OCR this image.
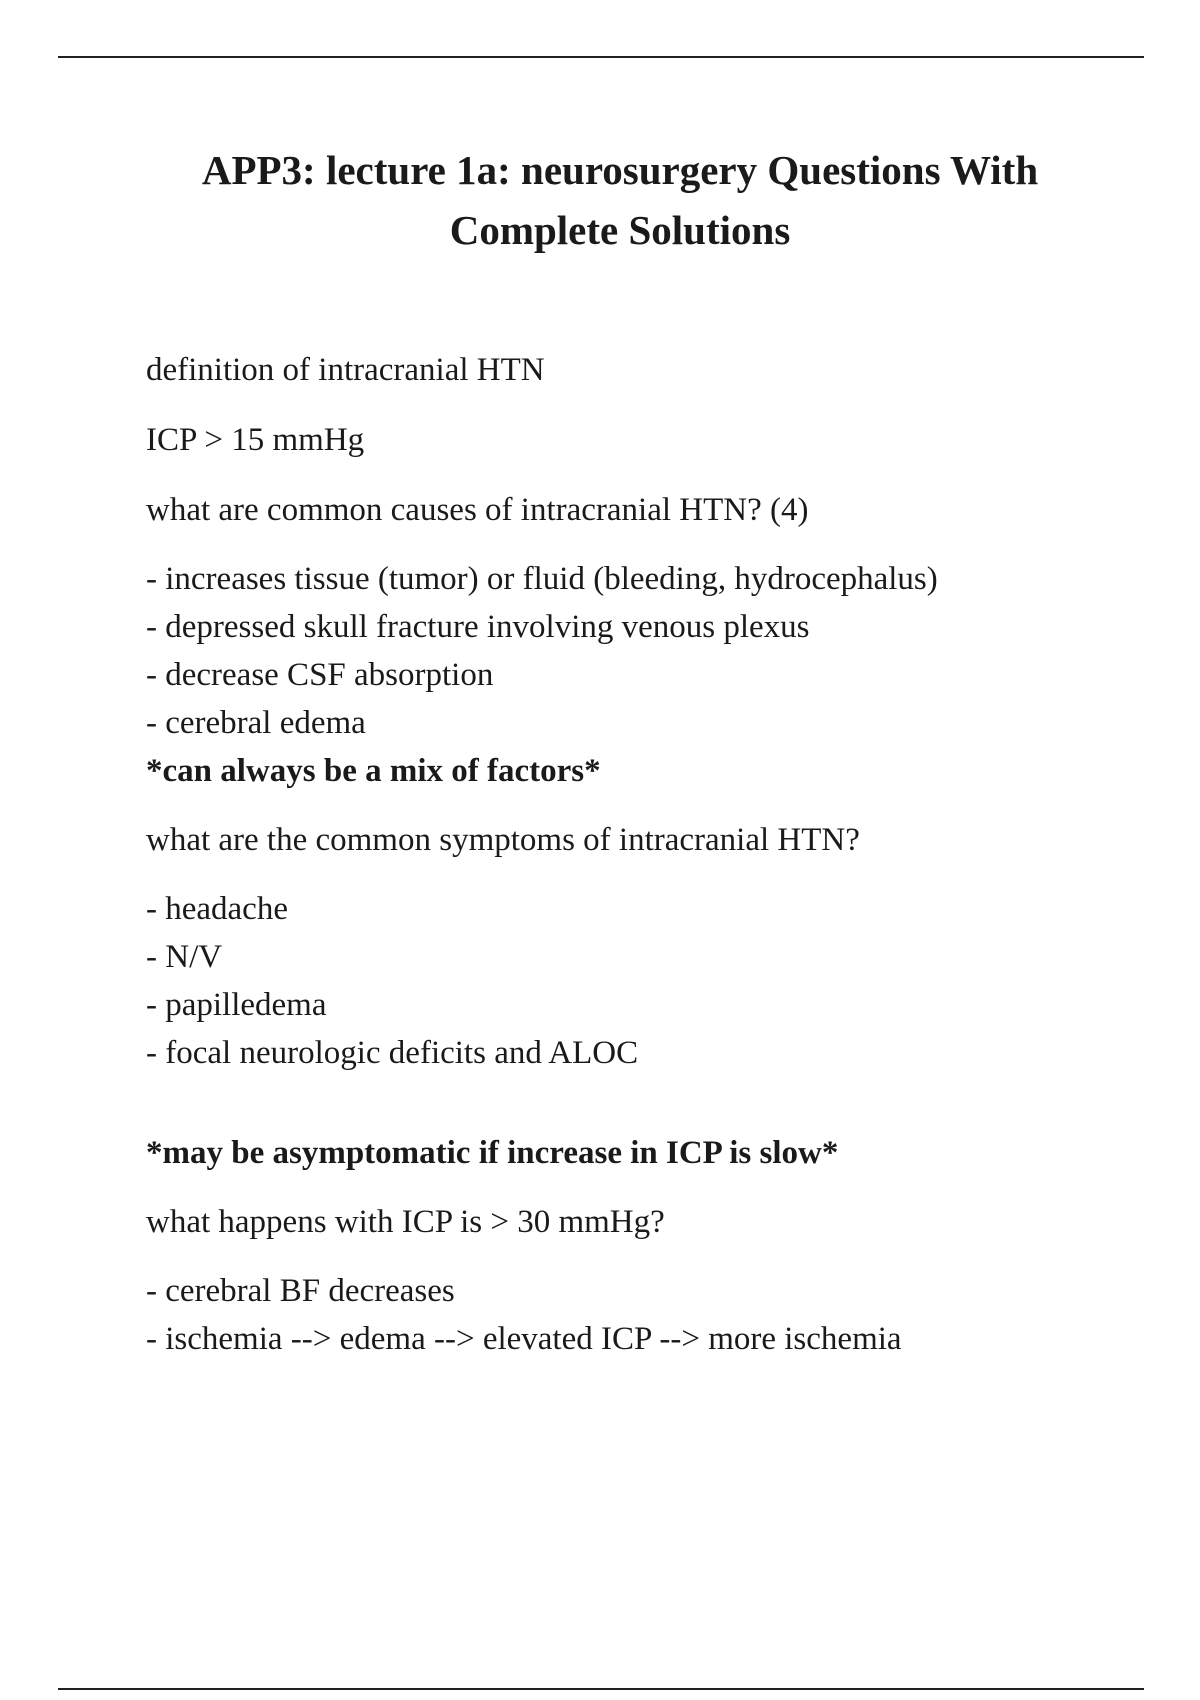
APP3: lecture 1a: neurosurgery Questions With
Complete Solutions
definition of intracranial HTN
ICP > 15 mmHg
what are common causes of intracranial HTN? (4)
- increases tissue (tumor) or fluid (bleeding, hydrocephalus)
- depressed skull fracture involving venous plexus
- decrease CSF absorption
- cerebral edema
*can always be a mix of factors*
what are the common symptoms of intracranial HTN?
- headache
- N/V
- papilledema
- focal neurologic deficits and ALOC
*may be asymptomatic if increase in ICP is slow*
what happens with ICP is > 30 mmHg?
- cerebral BF decreases
- ischemia --> edema --> elevated ICP --> more ischemia
